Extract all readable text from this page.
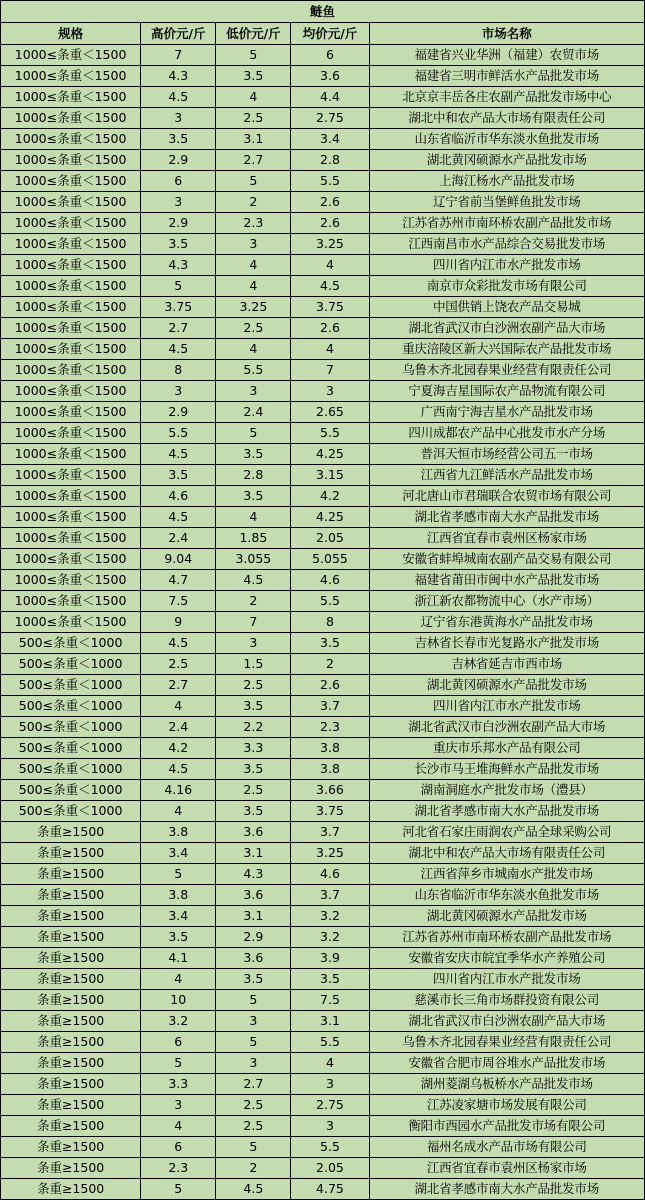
鲢鱼				
规格	高价元/斤	低价元/斤	均价元/斤	市场名称
1000≤条重＜1500	7	5	6	福建省兴业华洲（福建）农贸市场
1000≤条重＜1500	4.3	3.5	3.6	福建省三明市鲜活水产品批发市场
1000≤条重＜1500	4.5	4	4.4	北京京丰岳各庄农副产品批发市场中心
1000≤条重＜1500	3	2.5	2.75	湖北中和农产品大市场有限责任公司
1000≤条重＜1500	3.5	3.1	3.4	山东省临沂市华东淡水鱼批发市场
1000≤条重＜1500	2.9	2.7	2.8	湖北黄冈硕源水产品批发市场
1000≤条重＜1500	6	5	5.5	上海江杨水产品批发市场
1000≤条重＜1500	3	2	2.6	辽宁省前当堡鲜鱼批发市场
1000≤条重＜1500	2.9	2.3	2.6	江苏省苏州市南环桥农副产品批发市场
1000≤条重＜1500	3.5	3	3.25	江西南昌市水产品综合交易批发市场
1000≤条重＜1500	4.3	4	4	四川省内江市水产批发市场
1000≤条重＜1500	5	4	4.5	南京市众彩批发市场有限公司
1000≤条重＜1500	3.75	3.25	3.75	中国供销上饶农产品交易城
1000≤条重＜1500	2.7	2.5	2.6	湖北省武汉市白沙洲农副产品大市场
1000≤条重＜1500	4.5	4	4	重庆涪陵区新大兴国际农产品批发市场
1000≤条重＜1500	8	5.5	7	乌鲁木齐北园春果业经营有限责任公司
1000≤条重＜1500	3	3	3	宁夏海吉星国际农产品物流有限公司
1000≤条重＜1500	2.9	2.4	2.65	广西南宁海吉星水产品批发市场
1000≤条重＜1500	5.5	5	5.5	四川成都农产品中心批发市水产分场
1000≤条重＜1500	4.5	3.5	4.25	普洱天恒市场经营公司五一市场
1000≤条重＜1500	3.5	2.8	3.15	江西省九江鲜活水产品批发市场
1000≤条重＜1500	4.6	3.5	4.2	河北唐山市君瑞联合农贸市场有限公司
1000≤条重＜1500	4.5	4	4.25	湖北省孝感市南大水产品批发市场
1000≤条重＜1500	2.4	1.85	2.05	江西省宜春市袁州区杨家市场
1000≤条重＜1500	9.04	3.055	5.055	安徽省蚌埠城南农副产品交易有限公司
1000≤条重＜1500	4.7	4.5	4.6	福建省莆田市闽中水产品批发市场
1000≤条重＜1500	7.5	2	5.5	浙江新农都物流中心（水产市场）
1000≤条重＜1500	9	7	8	辽宁省东港黄海水产品批发市场
500≤条重＜1000	4.5	3	3.5	吉林省长春市光复路水产批发市场
500≤条重＜1000	2.5	1.5	2	吉林省延吉市西市场
500≤条重＜1000	2.7	2.5	2.6	湖北黄冈硕源水产品批发市场
500≤条重＜1000	4	3.5	3.7	四川省内江市水产批发市场
500≤条重＜1000	2.4	2.2	2.3	湖北省武汉市白沙洲农副产品大市场
500≤条重＜1000	4.2	3.3	3.8	重庆市乐邦水产品有限公司
500≤条重＜1000	4.5	3.5	3.8	长沙市马王堆海鲜水产品批发市场
500≤条重＜1000	4.16	2.5	3.66	湖南洞庭水产批发市场（澧县）
500≤条重＜1000	4	3.5	3.75	湖北省孝感市南大水产品批发市场
条重≥1500	3.8	3.6	3.7	河北省石家庄雨润农产品全球采购公司
条重≥1500	3.4	3.1	3.25	湖北中和农产品大市场有限责任公司
条重≥1500	5	4.3	4.6	江西省萍乡市城南水产批发市场
条重≥1500	3.8	3.6	3.7	山东省临沂市华东淡水鱼批发市场
条重≥1500	3.4	3.1	3.2	湖北黄冈硕源水产品批发市场
条重≥1500	3.5	2.9	3.2	江苏省苏州市南环桥农副产品批发市场
条重≥1500	4.1	3.6	3.9	安徽省安庆市皖宜季华水产养殖公司
条重≥1500	4	3.5	3.5	四川省内江市水产批发市场
条重≥1500	10	5	7.5	慈溪市长三角市场群投资有限公司
条重≥1500	3.2	3	3.1	湖北省武汉市白沙洲农副产品大市场
条重≥1500	6	5	5.5	乌鲁木齐北园春果业经营有限责任公司
条重≥1500	5	3	4	安徽省合肥市周谷堆水产品批发市场
条重≥1500	3.3	2.7	3	湖州菱湖乌板桥水产品批发市场
条重≥1500	3	2.5	2.75	江苏凌家塘市场发展有限公司
条重≥1500	4	2.5	3	衡阳市西园水产品批发市场有限公司
条重≥1500	6	5	5.5	福州名成水产品市场有限公司
条重≥1500	2.3	2	2.05	江西省宜春市袁州区杨家市场
条重≥1500	5	4.5	4.75	湖北省孝感市南大水产品批发市场
